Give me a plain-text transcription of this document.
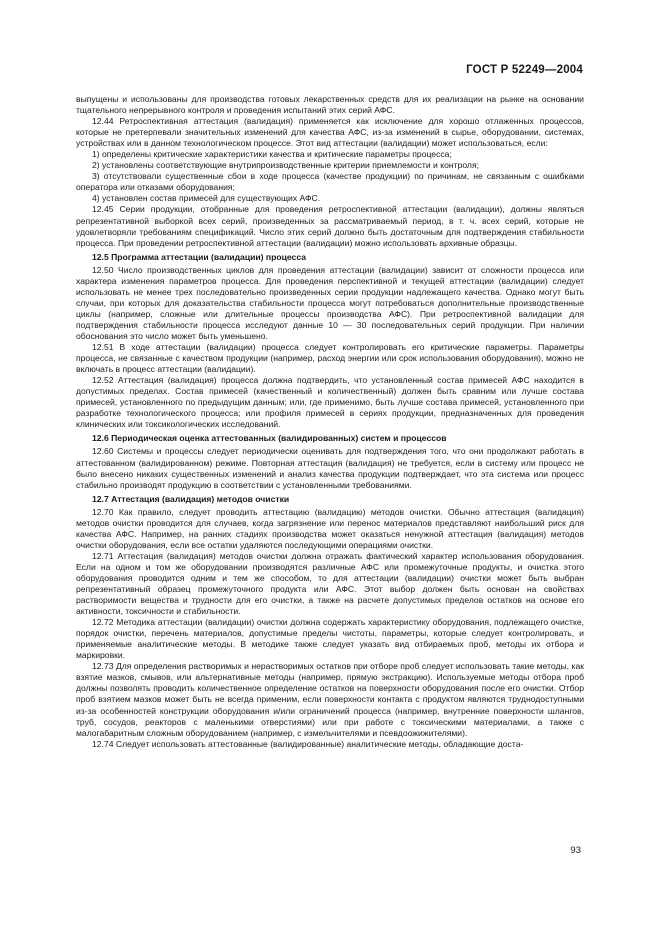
ГОСТ Р 52249—2004

выпущены и использованы для производства готовых лекарственных средств для их реализации на рынке на основании тщательного непрерывного контроля и проведения испытаний этих серий АФС.

12.44 Ретроспективная аттестация (валидация) применяется как исключение для хорошо отлаженных процессов, которые не претерпевали значительных изменений для качества АФС, из-за изменений в сырье, оборудовании, системах, устройствах или в данном технологическом процессе. Этот вид аттестации (валидации) может использоваться, если:

1) определены критические характеристики качества и критические параметры процесса;

2) установлены соответствующие внутрипроизводственные критерии приемлемости и контроля;

3) отсутствовали существенные сбои в ходе процесса (качестве продукции) по причинам, не связанным с ошибками оператора или отказами оборудования;

4) установлен состав примесей для существующих АФС.

12.45 Серии продукции, отобранные для проведения ретроспективной аттестации (валидации), должны являться репрезентативной выборкой всех серий, произведенных за рассматриваемый период, в т. ч. всех серий, которые не удовлетворяли требованиям спецификаций. Число этих серий должно быть достаточным для подтверждения стабильности процесса. При проведении ретроспективной аттестации (валидации) можно использовать архивные образцы.

12.5 Программа аттестации (валидации) процесса

12.50 Число производственных циклов для проведения аттестации (валидации) зависит от сложности процесса или характера изменения параметров процесса. Для проведения перспективной и текущей аттестации (валидации) следует использовать не менее трех последовательно произведенных серии продукции надлежащего качества. Однако могут быть случаи, при которых для доказательства стабильности процесса могут потребоваться дополнительные производственные циклы (например, сложные или длительные процессы производства АФС). При ретроспективной валидации для подтверждения стабильности процесса исследуют данные 10 — 30 последовательных серий продукции. При наличии обоснования это число может быть уменьшено.

12.51 В ходе аттестации (валидации) процесса следует контролировать его критические параметры. Параметры процесса, не связанные с качеством продукции (например, расход энергии или срок использования оборудования), можно не включать в процесс аттестации (валидации).

12.52 Аттестация (валидация) процесса должна подтвердить, что установленный состав примесей АФС находится в допустимых пределах. Состав примесей (качественный и количественный) должен быть сравним или лучше состава примесей, установленного по предыдущим данным; или, где применимо, быть лучше состава примесей, установленного при разработке технологического процесса; или профиля примесей в сериях продукции, предназначенных для проведения клинических или токсикологических исследований.

12.6 Периодическая оценка аттестованных (валидированных) систем и процессов

12.60 Системы и процессы следует периодически оценивать для подтверждения того, что они продолжают работать в аттестованном (валидированном) режиме. Повторная аттестация (валидация) не требуется, если в систему или процесс не было внесено никаких существенных изменений и анализ качества продукции подтверждает, что эта система или процесс стабильно производят продукцию в соответствии с установленными требованиями.

12.7 Аттестация (валидация) методов очистки

12.70 Как правило, следует проводить аттестацию (валидацию) методов очистки. Обычно аттестация (валидация) методов очистки проводится для случаев, когда загрязнение или перенос материалов представляют наибольший риск для качества АФС. Например, на ранних стадиях производства может оказаться ненужной аттестация (валидация) методов очистки оборудования, если все остатки удаляются последующими операциями очистки.

12.71 Аттестация (валидация) методов очистки должна отражать фактический характер использования оборудования. Если на одном и том же оборудовании производятся различные АФС или промежуточные продукты, и очистка этого оборудования проводится одним и тем же способом, то для аттестации (валидации) очистки может быть выбран репрезентативный образец промежуточного продукта или АФС. Этот выбор должен быть основан на свойствах растворимости вещества и трудности для его очистки, а также на расчете допустимых пределов остатков на основе его активности, токсичности и стабильности.

12.72 Методика аттестации (валидации) очистки должна содержать характеристику оборудования, подлежащего очистке, порядок очистки, перечень материалов, допустимые пределы чистоты, параметры, которые следует контролировать, и применяемые аналитические методы. В методике также следует указать вид отбираемых проб, методы их отбора и маркировки.

12.73 Для определения растворимых и нерастворимых остатков при отборе проб следует использовать такие методы, как взятие мазков, смывов, или альтернативные методы (например, прямую экстракцию). Используемые методы отбора проб должны позволять проводить количественное определение остатков на поверхности оборудования после его очистки. Отбор проб взятием мазков может быть не всегда применим, если поверхности контакта с продуктом являются труднодоступными из-за особенностей конструкции оборудования и/или ограничений процесса (например, внутренние поверхности шлангов, труб, сосудов, реакторов с маленькими отверстиями) или при работе с токсическими материалами, а также с малогабаритным сложным оборудованием (например, с измельчителями и псевдоожижителями).

12.74 Следует использовать аттестованные (валидированные) аналитические методы, обладающие доста-

93
